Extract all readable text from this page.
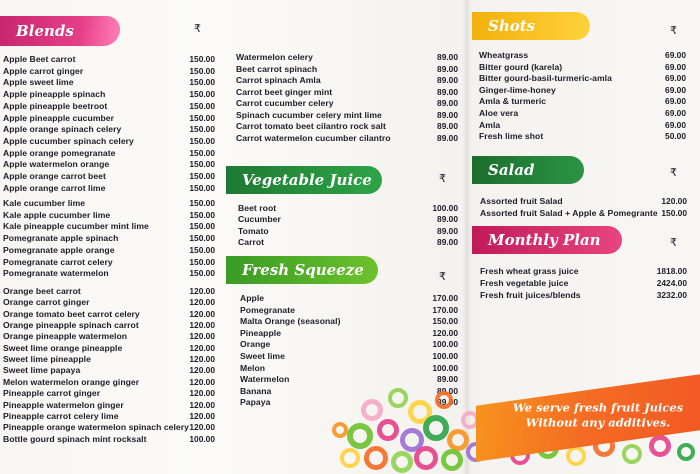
Blends	₹
Vegetable Juice	₹
Fresh Squeeze	₹
Shots	₹
Salad	₹
Monthly Plan	₹
Apple Beet carrot	150.00
Apple carrot ginger	150.00
Apple sweet lime	150.00
Apple pineapple spinach	150.00
Apple pineapple beetroot	150.00
Apple pineapple cucumber	150.00
Apple orange spinach celery	150.00
Apple cucumber spinach celery	150.00
Apple orange pomegranate	150.00
Apple watermelon orange	150.00
Apple orange carrot beet	150.00
Apple orange carrot lime	150.00
Kale cucumber lime	150.00
Kale apple cucumber lime	150.00
Kale pineapple cucumber mint lime	150.00
Pomegranate apple spinach	150.00
Pomegranate apple orange	150.00
Pomegranate carrot celery	150.00
Pomegranate watermelon	150.00
Orange beet carrot	120.00
Orange carrot ginger	120.00
Orange tomato beet carrot celery	120.00
Orange pineapple spinach carrot	120.00
Orange pineapple watermelon	120.00
Sweet lime orange pineapple	120.00
Sweet lime pineapple	120.00
Sweet lime papaya	120.00
Melon watermelon orange ginger	120.00
Pineapple carrot ginger	120.00
Pineapple watermelon ginger	120.00
Pineapple carrot celery lime	120.00
Pineapple orange watermelon spinach celery 120.00
Bottle gourd spinach mint rocksalt	100.00
Watermelon celery	89.00
Beet carrot spinach	89.00
Carrot spinach Amla	89.00
Carrot beet ginger mint	89.00
Carrot cucumber celery	89.00
Spinach cucumber celery mint lime	89.00
Carrot tomato beet cilantro rock salt	89.00
Carrot watermelon cucumber cilantro	89.00
Beet root	100.00
Cucumber	89.00
Tomato	89.00
Carrot	89.00
Apple	170.00
Pomegranate	170.00
Malta Orange (seasonal)	150.00
Pineapple	120.00
Orange	100.00
Sweet lime	100.00
Melon	100.00
Watermelon	89.00
Banana	89.00
Papaya	89.00
Wheatgrass	69.00
Bitter gourd (karela)	69.00
Bitter gourd-basil-turmeric-amla	69.00
Ginger-lime-honey	69.00
Amla & turmeric	69.00
Aloe vera	69.00
Amla	69.00
Fresh lime shot	50.00
Assorted fruit Salad	120.00
Assorted fruit Salad + Apple & Pomegrante 150.00
Fresh wheat grass juice	1818.00
Fresh vegetable juice	2424.00
Fresh fruit juices/blends	3232.00
We serve fresh fruit Juices
Without any additives.
